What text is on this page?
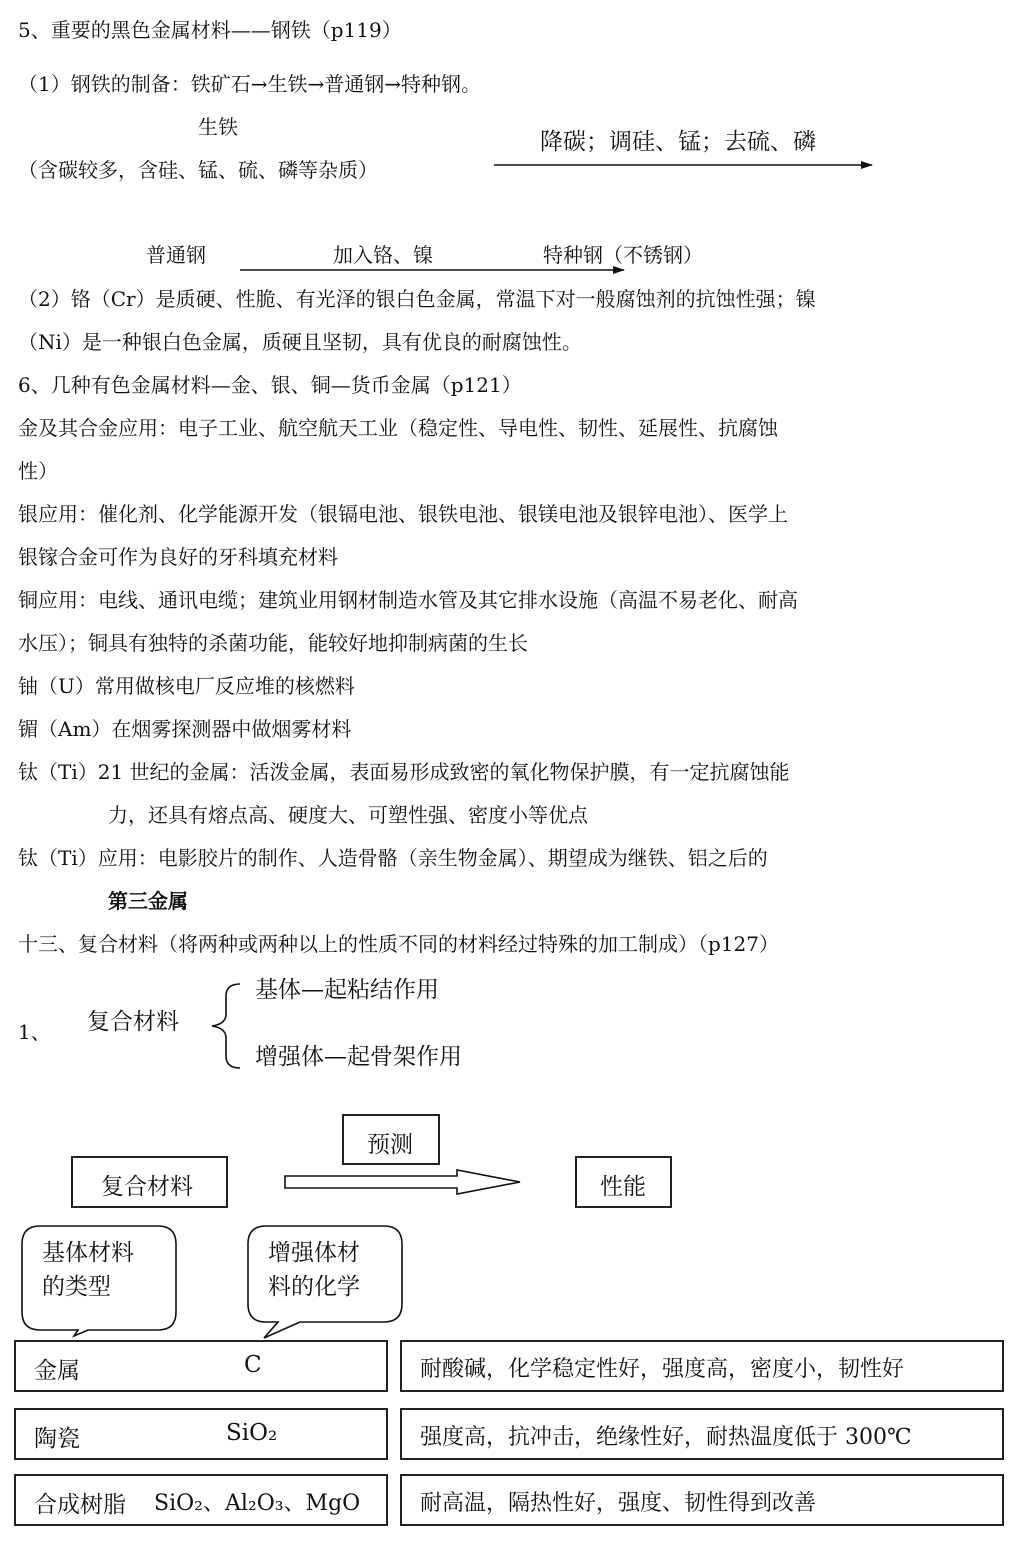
5、重要的黑色金属材料——钢铁（p119）
（1）钢铁的制备：铁矿石→生铁→普通钢→特种钢。
生铁
（含碳较多，含硅、锰、硫、磷等杂质）
降碳；调硅、锰；去硫、磷
普通钢	加入铬、镍	特种钢（不锈钢）
（2）铬（Cr）是质硬、性脆、有光泽的银白色金属，常温下对一般腐蚀剂的抗蚀性强；镍
（Ni）是一种银白色金属，质硬且坚韧，具有优良的耐腐蚀性。
6、几种有色金属材料—金、银、铜—货币金属（p121）
金及其合金应用：电子工业、航空航天工业（稳定性、导电性、韧性、延展性、抗腐蚀
性）
银应用：催化剂、化学能源开发（银镉电池、银铁电池、银镁电池及银锌电池）、医学上
银镓合金可作为良好的牙科填充材料
铜应用：电线、通讯电缆；建筑业用钢材制造水管及其它排水设施（高温不易老化、耐高
水压）；铜具有独特的杀菌功能，能较好地抑制病菌的生长
铀（U）常用做核电厂反应堆的核燃料
镅（Am）在烟雾探测器中做烟雾材料
钛（Ti）21 世纪的金属：活泼金属，表面易形成致密的氧化物保护膜，有一定抗腐蚀能
力，还具有熔点高、硬度大、可塑性强、密度小等优点
钛（Ti）应用：电影胶片的制作、人造骨骼（亲生物金属）、期望成为继铁、铝之后的
第三金属
十三、复合材料（将两种或两种以上的性质不同的材料经过特殊的加工制成）（p127）
1、 复合材料
基体—起粘结作用
增强体—起骨架作用
复合材料
预测
性能
基体材料
的类型
增强体材
料的化学
金属	C	耐酸碱，化学稳定性好，强度高，密度小，韧性好
陶瓷	SiO₂	强度高，抗冲击，绝缘性好，耐热温度低于 300℃
合成树脂 SiO₂、Al₂O₃、MgO	耐高温，隔热性好，强度、韧性得到改善
